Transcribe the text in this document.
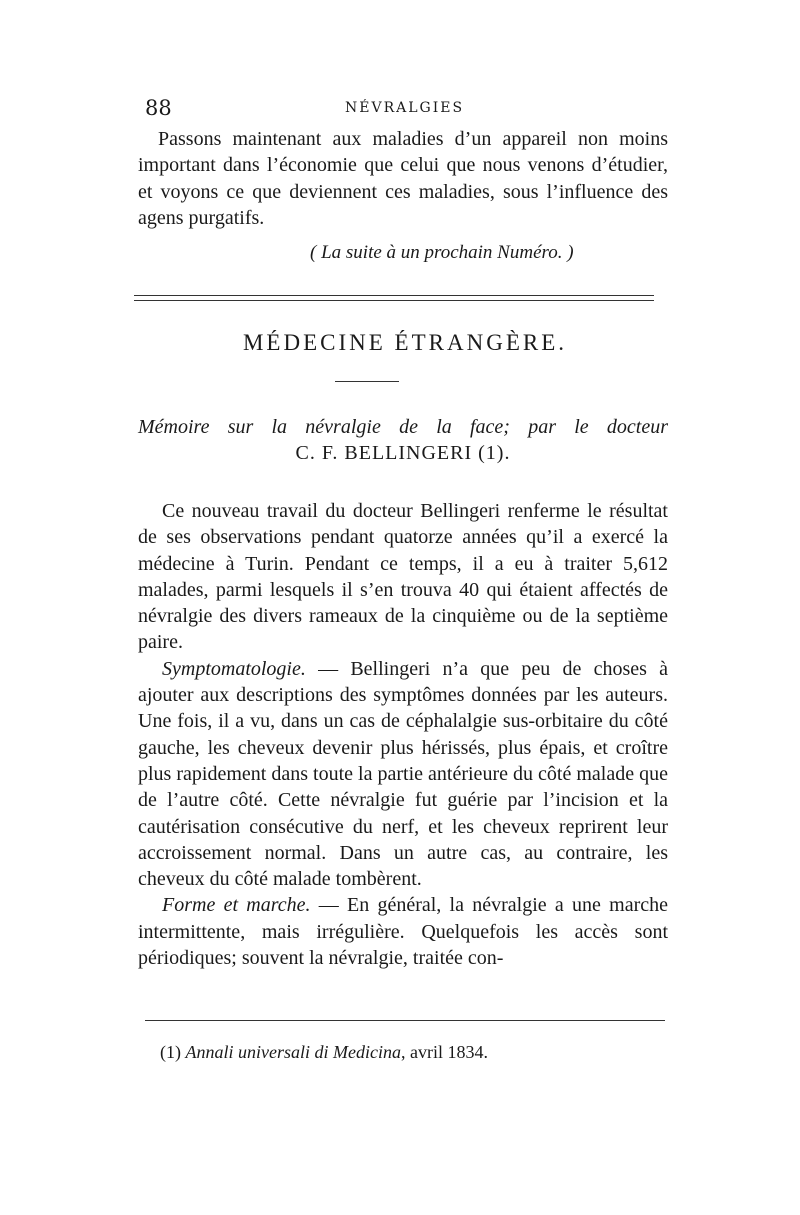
88	NÉVRALGIES
Passons maintenant aux maladies d’un appareil non moins important dans l’économie que celui que nous venons d’étudier, et voyons ce que deviennent ces maladies, sous l’influence des agens purgatifs.
( La suite à un prochain Numéro. )
MÉDECINE ÉTRANGÈRE.
Mémoire sur la névralgie de la face; par le docteur
C. F. BELLINGERI (1).

Ce nouveau travail du docteur Bellingeri renferme le résultat de ses observations pendant quatorze années qu’il a exercé la médecine à Turin. Pendant ce temps, il a eu à traiter 5,612 malades, parmi lesquels il s’en trouva 40 qui étaient affectés de névralgie des divers rameaux de la cinquième ou de la septième paire.

Symptomatologie. — Bellingeri n’a que peu de choses à ajouter aux descriptions des symptômes données par les auteurs. Une fois, il a vu, dans un cas de céphalalgie sus-orbitaire du côté gauche, les cheveux devenir plus hérissés, plus épais, et croître plus rapidement dans toute la partie antérieure du côté malade que de l’autre côté. Cette névralgie fut guérie par l’incision et la cautérisation consécutive du nerf, et les cheveux reprirent leur accroissement normal. Dans un autre cas, au contraire, les cheveux du côté malade tombèrent.

Forme et marche. — En général, la névralgie a une marche intermittente, mais irrégulière. Quelquefois les accès sont périodiques; souvent la névralgie, traitée con-

(1) Annali universali di Medicina, avril 1834.
